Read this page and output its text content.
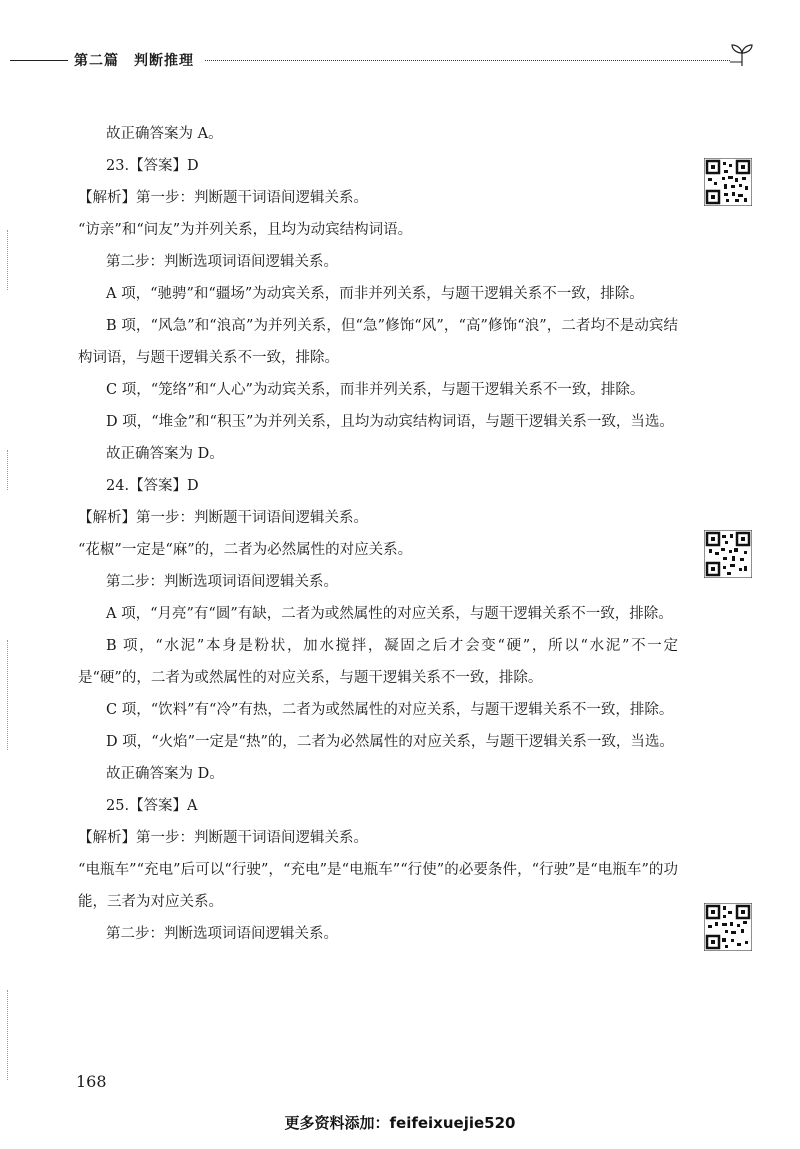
第二篇　判断推理

故正确答案为 A。

23.【答案】D

【解析】第一步：判断题干词语间逻辑关系。

“访亲”和“问友”为并列关系，且均为动宾结构词语。

第二步：判断选项词语间逻辑关系。

A 项，“驰骋”和“疆场”为动宾关系，而非并列关系，与题干逻辑关系不一致，排除。

B 项，“风急”和“浪高”为并列关系，但“急”修饰“风”，“高”修饰“浪”，二者均不是动宾结构词语，与题干逻辑关系不一致，排除。

C 项，“笼络”和“人心”为动宾关系，而非并列关系，与题干逻辑关系不一致，排除。

D 项，“堆金”和“积玉”为并列关系，且均为动宾结构词语，与题干逻辑关系一致，当选。

故正确答案为 D。

24.【答案】D

【解析】第一步：判断题干词语间逻辑关系。

“花椒”一定是“麻”的，二者为必然属性的对应关系。

第二步：判断选项词语间逻辑关系。

A 项，“月亮”有“圆”有缺，二者为或然属性的对应关系，与题干逻辑关系不一致，排除。

B 项，“水泥”本身是粉状，加水搅拌，凝固之后才会变“硬”，所以“水泥”不一定是“硬”的，二者为或然属性的对应关系，与题干逻辑关系不一致，排除。

C 项，“饮料”有“冷”有热，二者为或然属性的对应关系，与题干逻辑关系不一致，排除。

D 项，“火焰”一定是“热”的，二者为必然属性的对应关系，与题干逻辑关系一致，当选。

故正确答案为 D。

25.【答案】A

【解析】第一步：判断题干词语间逻辑关系。

“电瓶车”“充电”后可以“行驶”，“充电”是“电瓶车”“行使”的必要条件，“行驶”是“电瓶车”的功能，三者为对应关系。

第二步：判断选项词语间逻辑关系。

168
更多资料添加：feifeixuejie520
